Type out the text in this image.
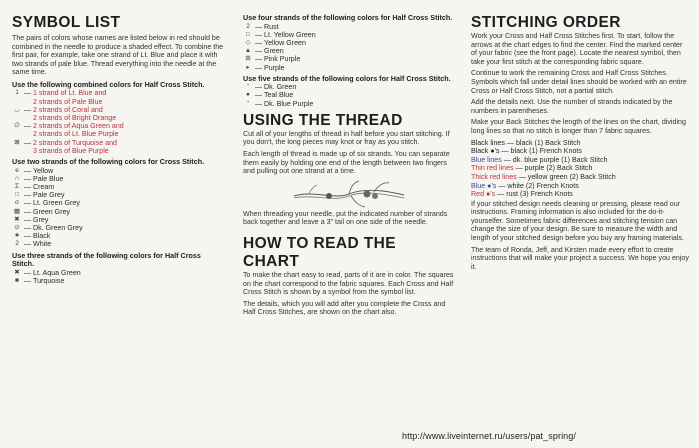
SYMBOL LIST

The pairs of colors whose names are listed below in red should be combined in the needle to produce a shaded effect. To combine the first pair, for example, take one strand of Lt. Blue and place it with two strands of pale blue. Thread everything into the needle at the same time.

Use the following combined colors for Half Cross Stitch.
1 — 1 strand of Lt. Blue and
2 strands of Pale Blue
◡ — 2 strands of Coral and
2 strands of Bright Orange
∅ — 2 strands of Aqua Green and
2 strands of Lt. Blue Purple
⊠ — 2 strands of Turquoise and
3 strands of Blue Purple
Use two strands of the following colors for Cross Stitch.
e — Yellow
∩ — Pale Blue
Σ — Cream
□ — Pale Grey
σ — Lt. Green Grey
▦ — Green Grey
✖ — Grey
⊙ — Dk. Green Grey
★ — Black
2 — White
Use three strands of the following colors for Half Cross Stitch.
✖ — Lt. Aqua Green
■ — Turquoise
Use four strands of the following colors for Half Cross Stitch.
2 — Rust
□ — Lt. Yellow Green
◇ — Yellow Green
▲ — Green
⊞ — Pink Purple
▸ — Purple
Use five strands of the following colors for Half Cross Stitch.
ᐩ — Dk. Green
● — Teal Blue
ᐩ — Dk. Blue Purple
USING THE THREAD

Cut all of your lengths of thread in half before you start stitching. If you don't, the long pieces may knot or fray as you stitch.

Each length of thread is made up of six strands. You can separate them easily by holding one end of the length between two fingers and pulling out one strand at a time.

When threading your needle, put the indicated number of strands back together and leave a 3" tail on one side of the needle.

HOW TO READ THE CHART

To make the chart easy to read, parts of it are in color. The squares on the chart correspond to the fabric squares. Each Cross and Half Cross Stitch is shown by a symbol from the symbol list.

The details, which you will add after you complete the Cross and Half Cross Stitches, are shown on the chart also.

STITCHING ORDER

Work your Cross and Half Cross Stitches first. To start, follow the arrows at the chart edges to find the center. Find the marked center of your fabric (see the front page). Locate the nearest symbol, then take your first stitch at the corresponding fabric square.

Continue to work the remaining Cross and Half Cross Stitches. Symbols which fall under detail lines should be worked with an entire Cross or Half Cross Stitch, not a partial stitch.

Add the details next. Use the number of strands indicated by the numbers in parentheses.

Make your Back Stitches the length of the lines on the chart, dividing long lines so that no stitch is longer than 7 fabric squares.

Black lines — black (1) Back Stitch
Black ●'s — black (1) French Knots
Blue lines — dk. blue purple (1) Back Stitch
Thin red lines — purple (2) Back Stitch
Thick red lines — yellow green (2) Back Stitch
Blue ●'s — white (2) French Knots
Red ●'s — rust (3) French Knots

If your stitched design needs cleaning or pressing, please read our instructions. Framing information is also included for the do-it-yourselfer. Sometimes fabric differences and stitching tension can change the size of your design. Be sure to measure the width and length of your stitched design before you buy any framing materials.

The team of Ronda, Jeff, and Kirsten made every effort to create instructions that will make your project a success. We hope you enjoy it.

http://www.liveinternet.ru/users/pat_spring/
